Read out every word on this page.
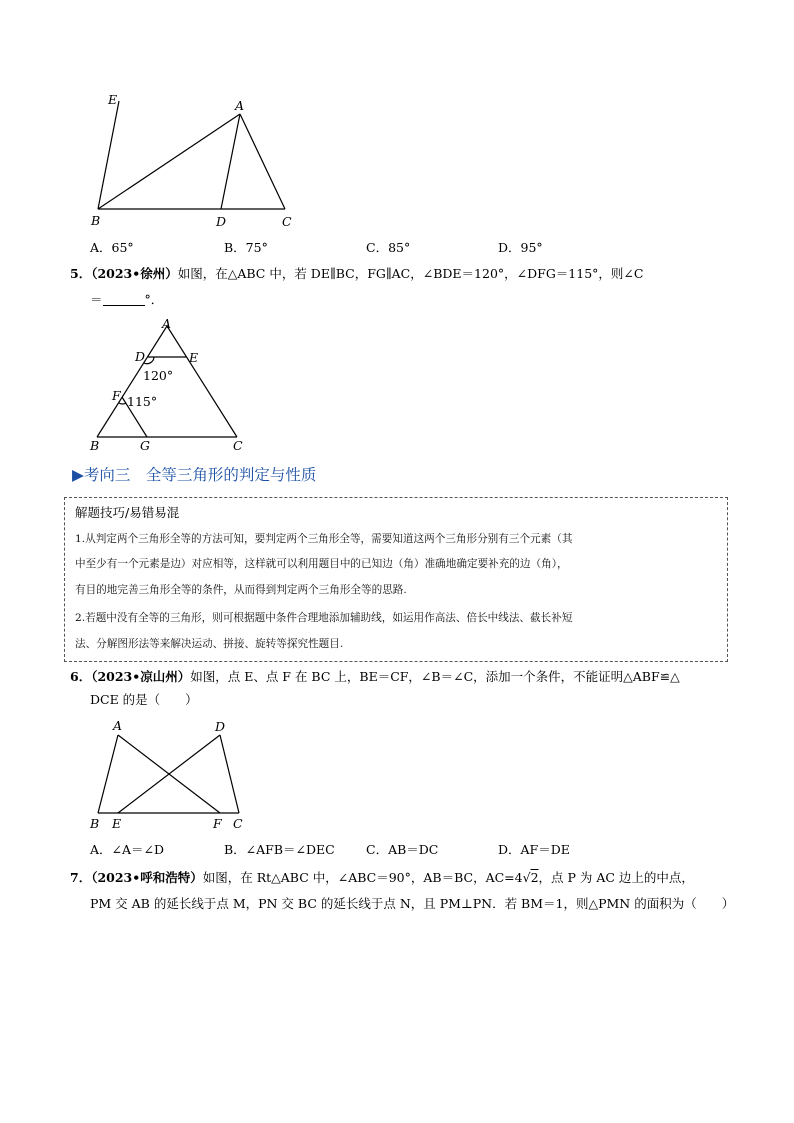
E	A
B	D	C
A．65°	B．75°	C．85°	D．95°
5．（2023•徐州）如图，在△ABC 中，若 DE∥BC，FG∥AC，∠BDE＝120°，∠DFG＝115°，则∠C
＝	°．
A
D	E
120°
F 115°
B	G	C
▶考向三　全等三角形的判定与性质
解题技巧/易错易混
1.从判定两个三角形全等的方法可知，要判定两个三角形全等，需要知道这两个三角形分别有三个元素（其
中至少有一个元素是边）对应相等，这样就可以利用题目中的已知边（角）准确地确定要补充的边（角），
有目的地完善三角形全等的条件，从而得到判定两个三角形全等的思路.
2.若题中没有全等的三角形，则可根据题中条件合理地添加辅助线，如运用作高法、倍长中线法、截长补短
法、分解图形法等来解决运动、拼接、旋转等探究性题目.
6．（2023•凉山州）如图，点 E、点 F 在 BC 上，BE＝CF，∠B＝∠C，添加一个条件，不能证明△ABF≌△
DCE 的是（　　）
A	D
B E	F C
A．∠A＝∠D	B．∠AFB＝∠DEC	C．AB＝DC	D．AF＝DE
7．（2023•呼和浩特）如图，在 Rt△ABC 中，∠ABC＝90°，AB＝BC，AC=4√2，点 P 为 AC 边上的中点，
PM 交 AB 的延长线于点 M，PN 交 BC 的延长线于点 N，且 PM⊥PN．若 BM＝1，则△PMN 的面积为（　　）
